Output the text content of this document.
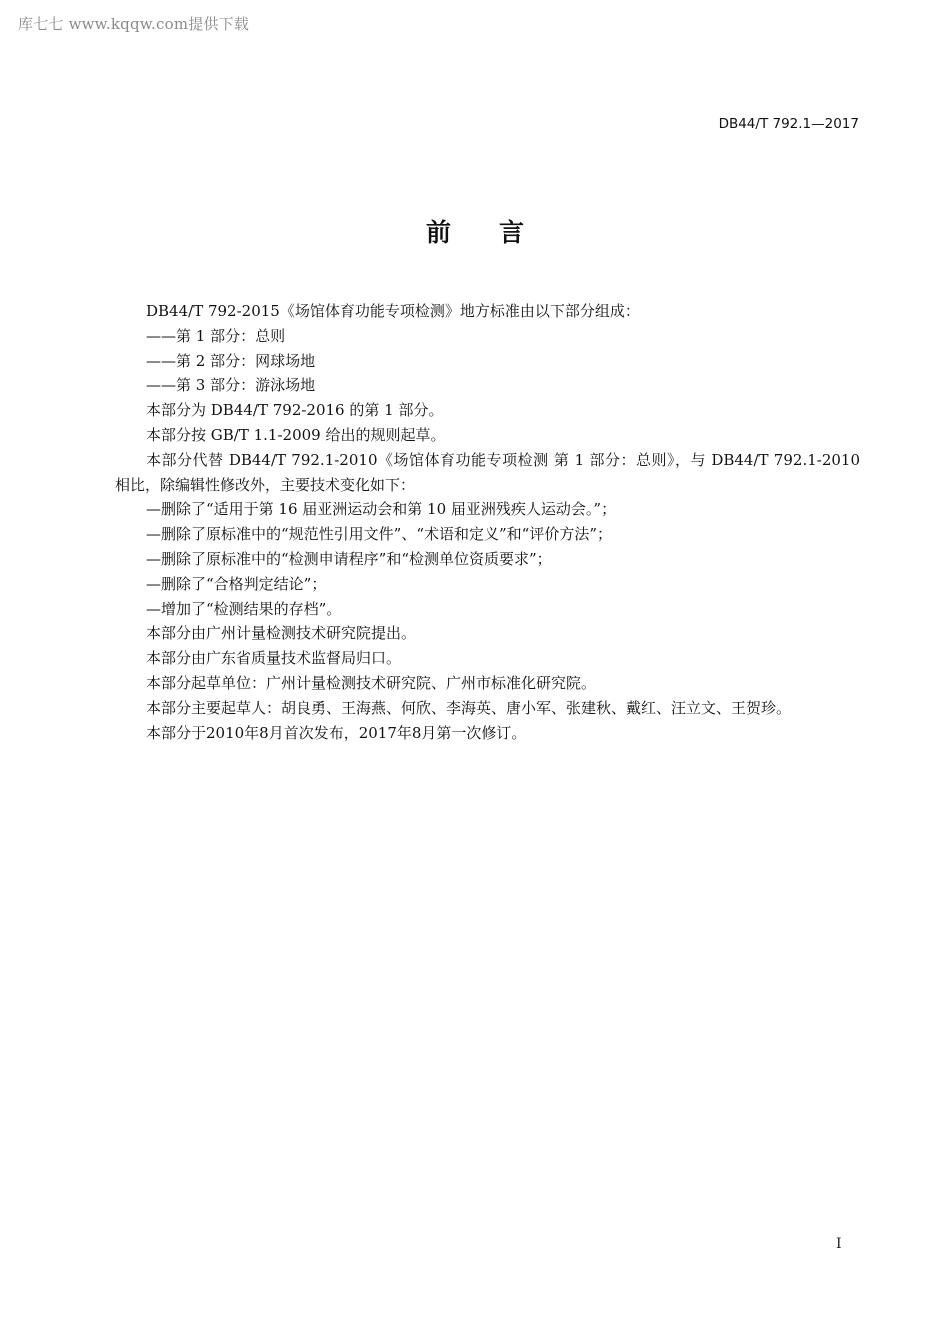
库七七 www.kqqw.com提供下载
DB44/T 792.1—2017
前言

DB44/T 792-2015《场馆体育功能专项检测》地方标准由以下部分组成：

——第 1 部分：总则

——第 2 部分：网球场地

——第 3 部分：游泳场地

本部分为 DB44/T 792-2016 的第 1 部分。

本部分按 GB/T 1.1-2009 给出的规则起草。

本部分代替 DB44/T 792.1-2010《场馆体育功能专项检测 第 1 部分：总则》，与 DB44/T 792.1-2010 相比，除编辑性修改外，主要技术变化如下：

—删除了“适用于第 16 届亚洲运动会和第 10 届亚洲残疾人运动会。”；

—删除了原标准中的“规范性引用文件”、“术语和定义”和“评价方法”；

—删除了原标准中的“检测申请程序”和“检测单位资质要求”；

—删除了“合格判定结论”；

—增加了“检测结果的存档”。

本部分由广州计量检测技术研究院提出。

本部分由广东省质量技术监督局归口。

本部分起草单位：广州计量检测技术研究院、广州市标准化研究院。

本部分主要起草人：胡良勇、王海燕、何欣、李海英、唐小军、张建秋、戴红、汪立文、王贺珍。

本部分于2010年8月首次发布，2017年8月第一次修订。

I
